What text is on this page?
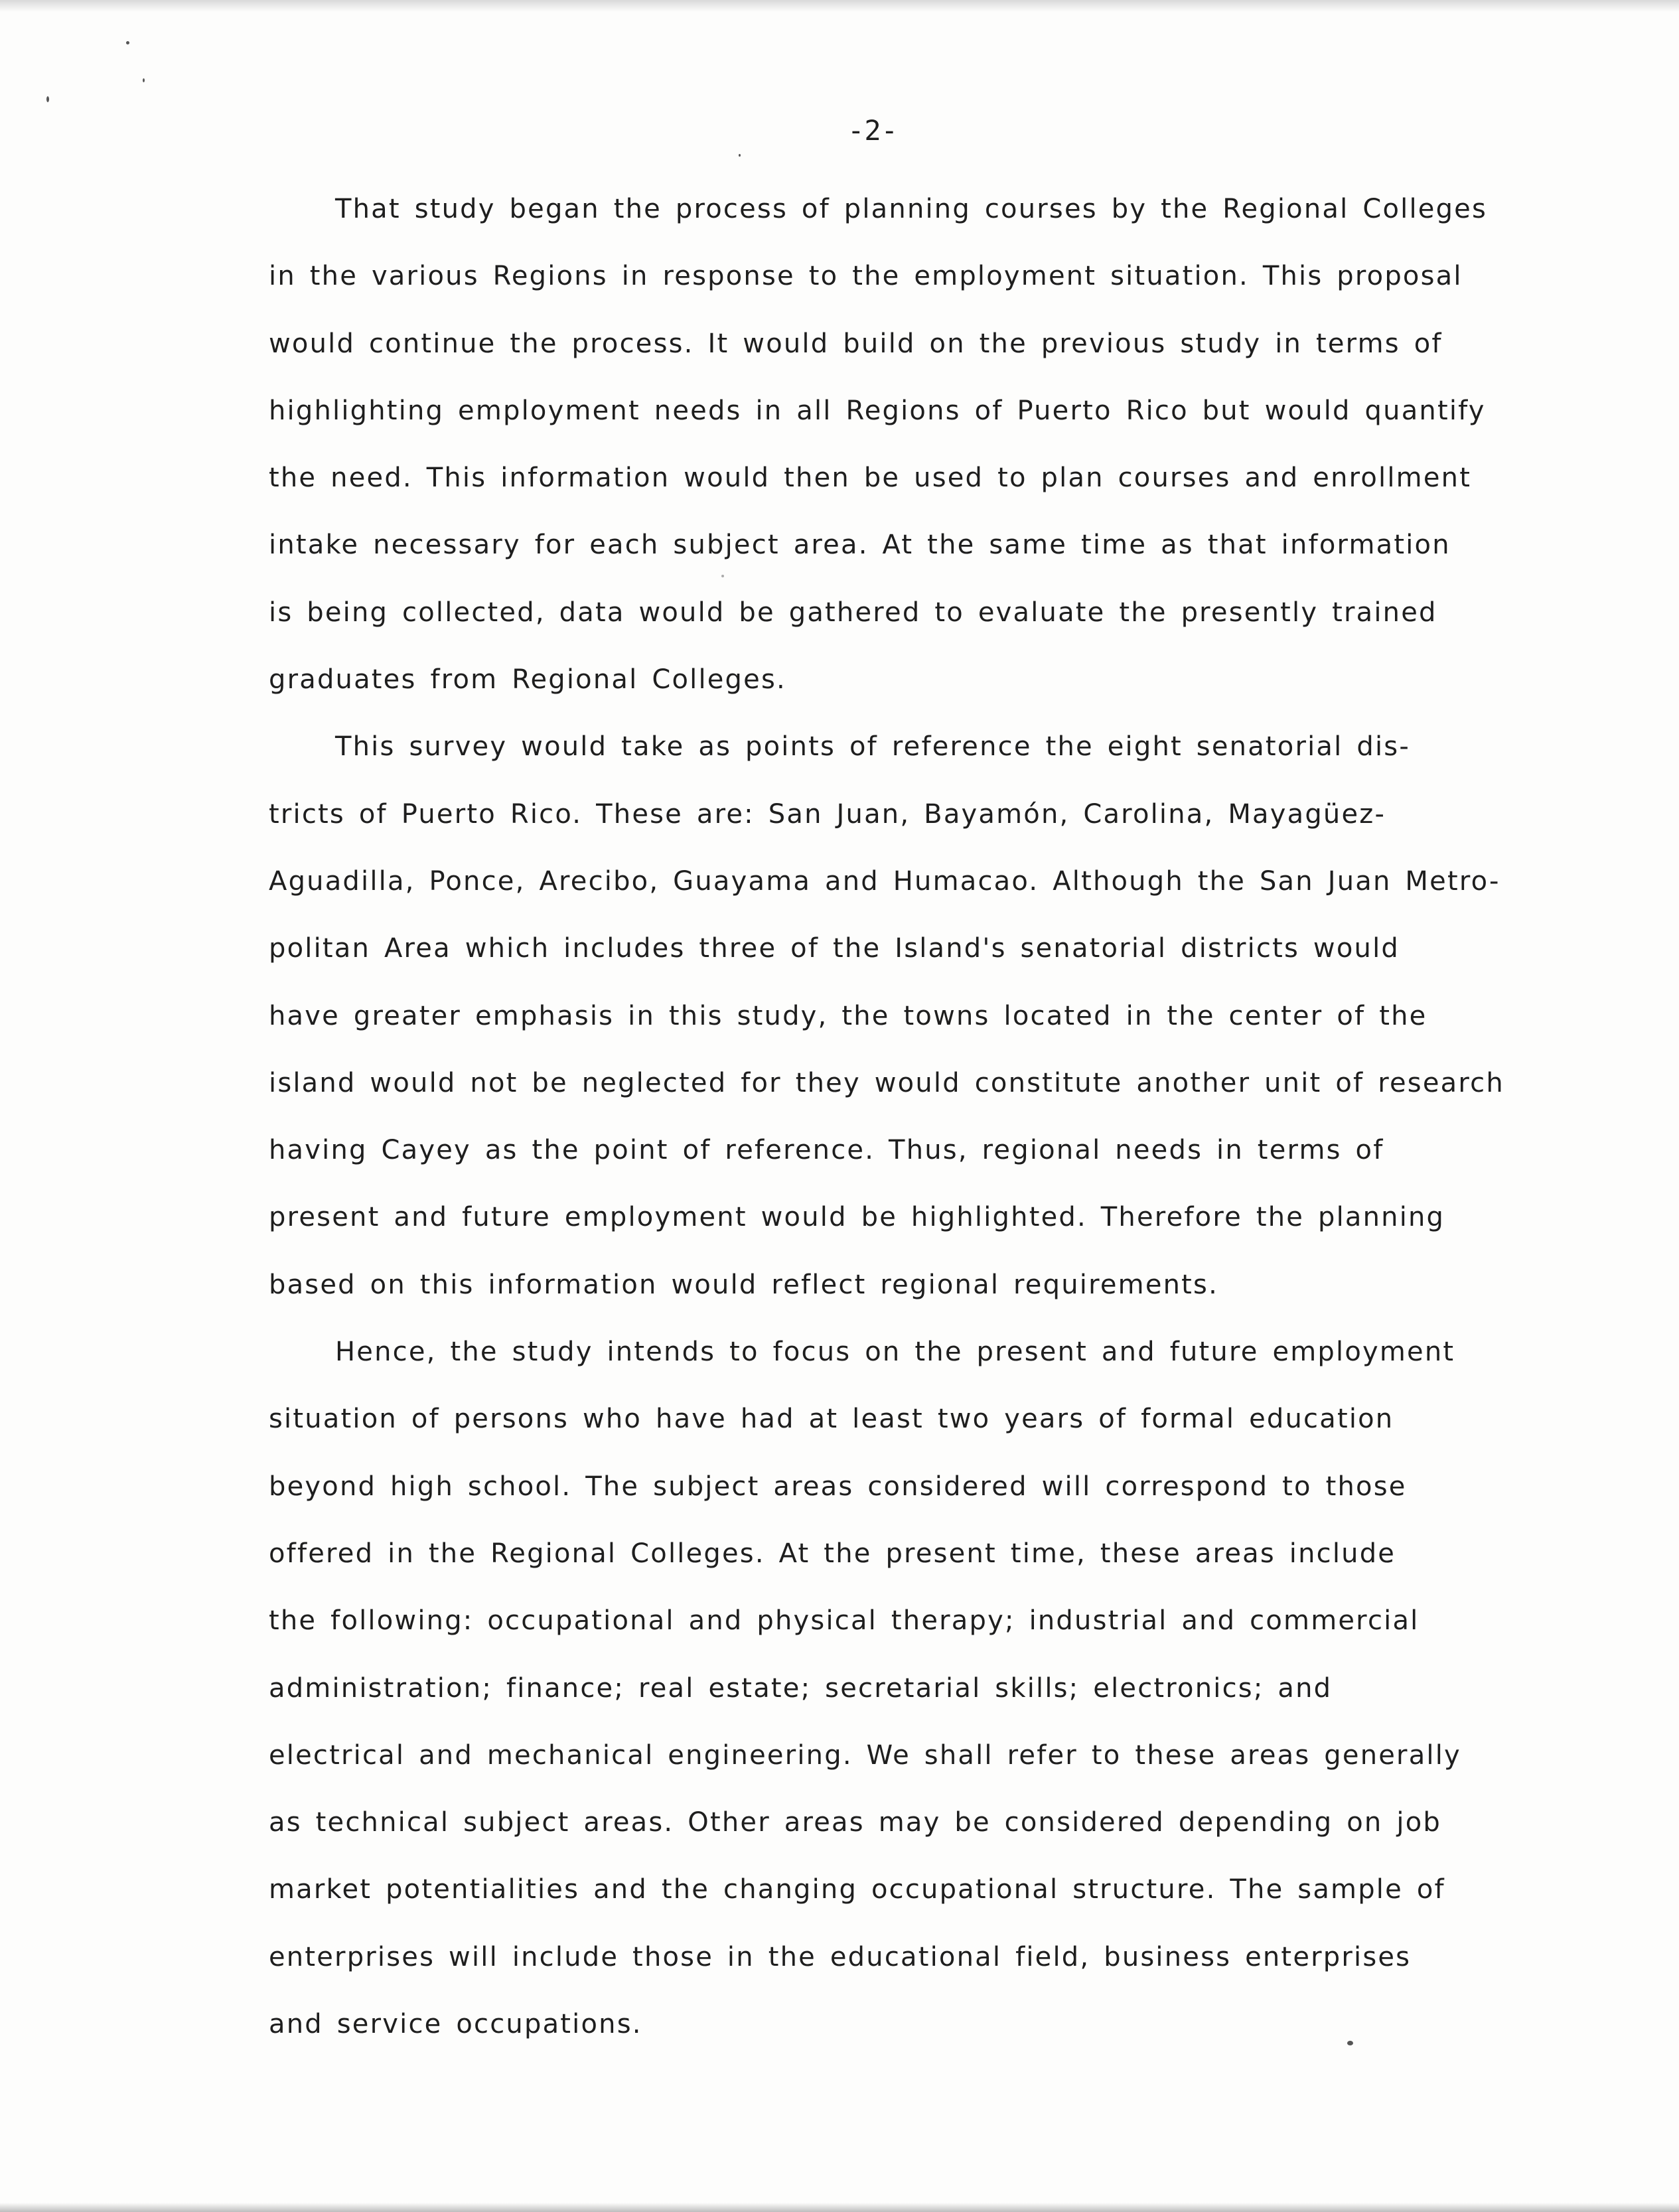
-2-
That study began the process of planning courses by the Regional Colleges
in the various Regions in response to the employment situation. This proposal
would continue the process. It would build on the previous study in terms of
highlighting employment needs in all Regions of Puerto Rico but would quantify
the need. This information would then be used to plan courses and enrollment
intake necessary for each subject area. At the same time as that information
is being collected, data would be gathered to evaluate the presently trained
graduates from Regional Colleges.
This survey would take as points of reference the eight senatorial dis-
tricts of Puerto Rico. These are: San Juan, Bayamón, Carolina, Mayagüez-
Aguadilla, Ponce, Arecibo, Guayama and Humacao. Although the San Juan Metro-
politan Area which includes three of the Island's senatorial districts would
have greater emphasis in this study, the towns located in the center of the
island would not be neglected for they would constitute another unit of research
having Cayey as the point of reference. Thus, regional needs in terms of
present and future employment would be highlighted. Therefore the planning
based on this information would reflect regional requirements.
Hence, the study intends to focus on the present and future employment
situation of persons who have had at least two years of formal education
beyond high school. The subject areas considered will correspond to those
offered in the Regional Colleges. At the present time, these areas include
the following: occupational and physical therapy; industrial and commercial
administration; finance; real estate; secretarial skills; electronics; and
electrical and mechanical engineering. We shall refer to these areas generally
as technical subject areas. Other areas may be considered depending on job
market potentialities and the changing occupational structure. The sample of
enterprises will include those in the educational field, business enterprises
and service occupations.
